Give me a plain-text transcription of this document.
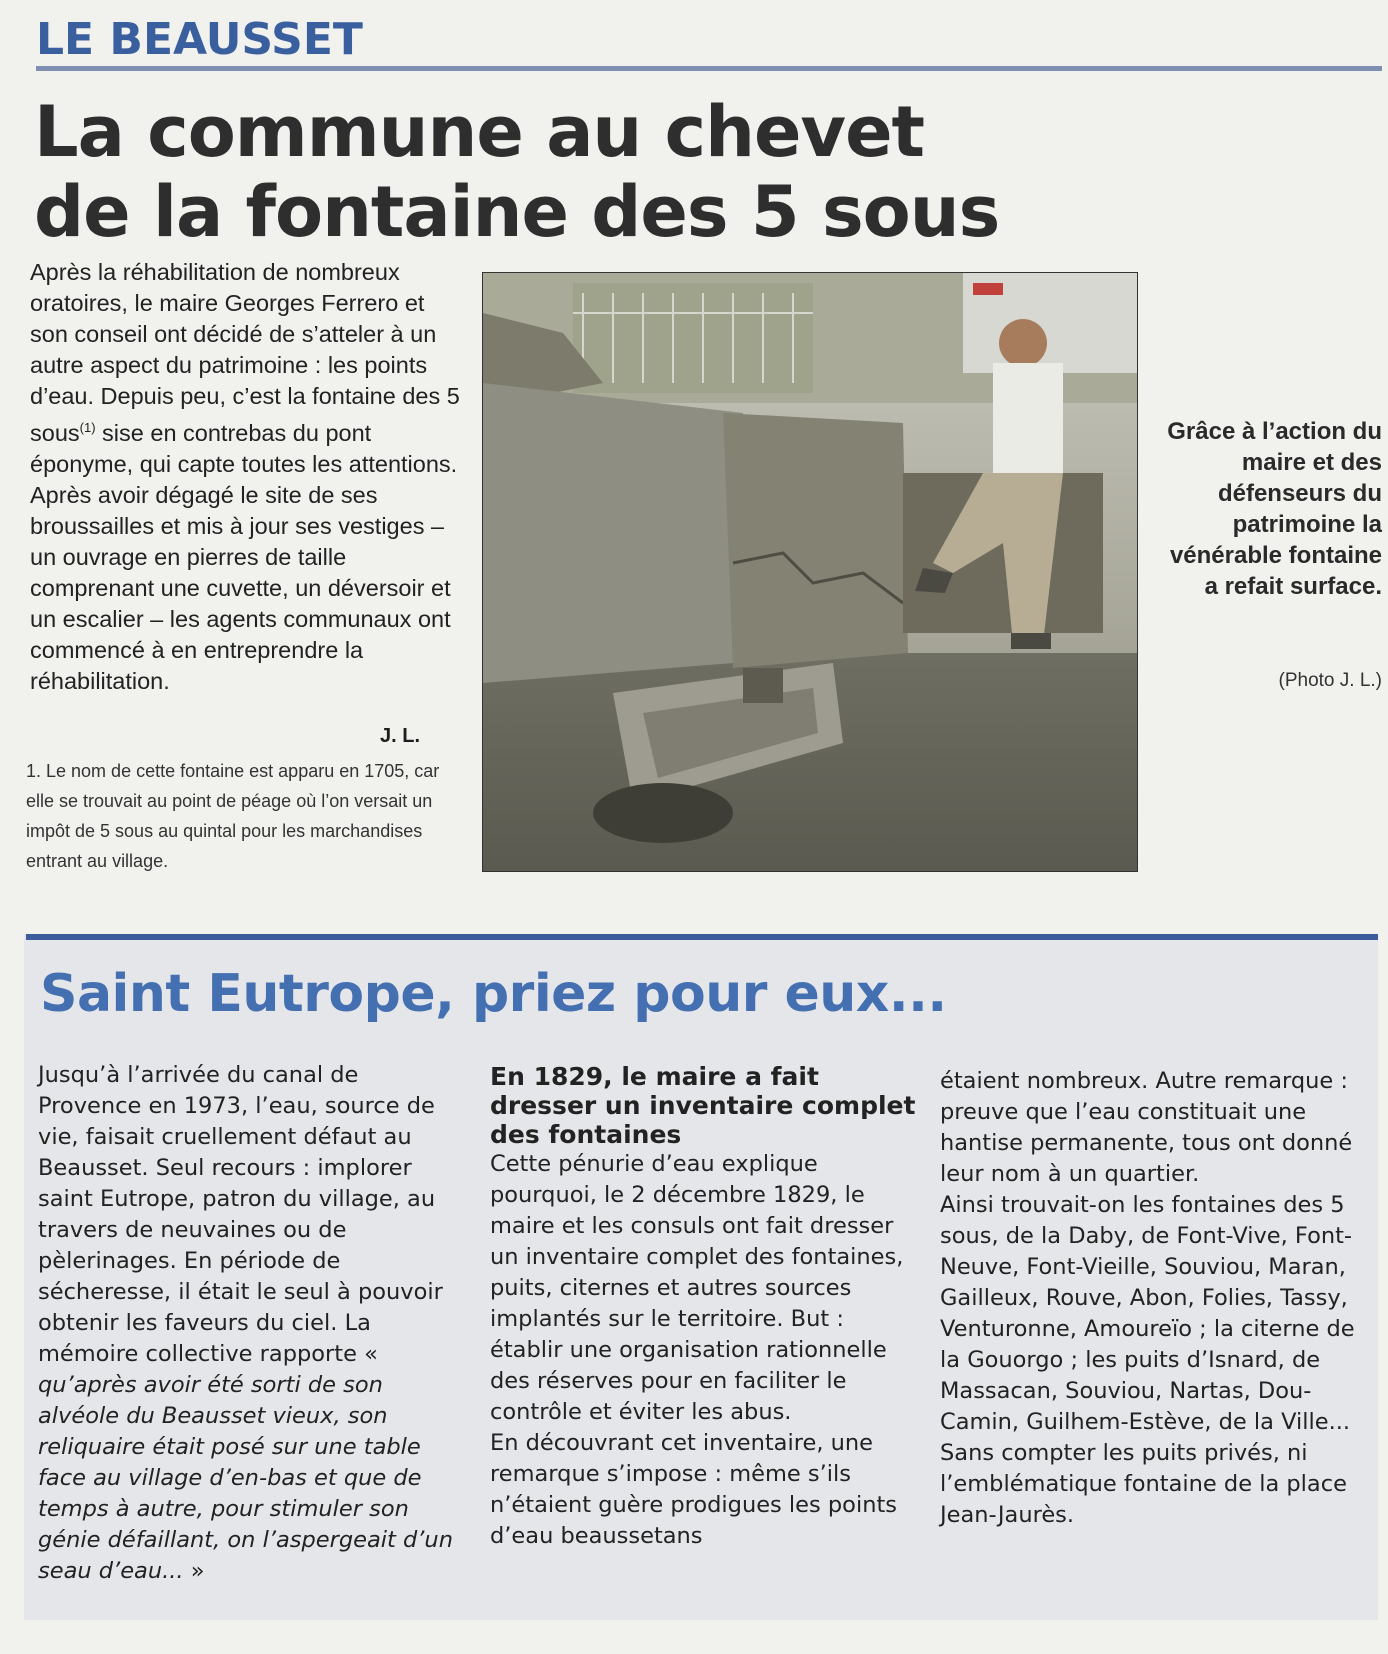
LE BEAUSSET
La commune au chevet
de la fontaine des 5 sous
Après la réhabilitation de nombreux oratoires, le maire Georges Ferrero et son conseil ont décidé de s’atteler à un autre aspect du patrimoine : les points d’eau. Depuis peu, c’est la fontaine des 5 sous$^{(1)}$ sise en contrebas du pont éponyme, qui capte toutes les attentions. Après avoir dégagé le site de ses broussailles et mis à jour ses vestiges – un ouvrage en pierres de taille comprenant une cuvette, un déversoir et un escalier – les agents communaux ont commencé à en entreprendre la réhabilitation.
J. L.
1. Le nom de cette fontaine est apparu en 1705, car elle se trouvait au point de péage où l’on versait un impôt de 5 sous au quintal pour les marchandises entrant au village.
Grâce à l’action du maire et des défenseurs du patrimoine la vénérable fontaine a refait surface.
(Photo J. L.)
Saint Eutrope, priez pour eux...

Jusqu’à l’arrivée du canal de Provence en 1973, l’eau, source de vie, faisait cruellement défaut au Beausset. Seul recours : implorer saint Eutrope, patron du village, au travers de neuvaines ou de pèlerinages. En période de sécheresse, il était le seul à pouvoir obtenir les faveurs du ciel. La mémoire collective rapporte « qu’après avoir été sorti de son alvéole du Beausset vieux, son reliquaire était posé sur une table face au village d’en-bas et que de temps à autre, pour stimuler son génie défaillant, on l’aspergeait d’un seau d’eau... »

En 1829, le maire a fait dresser un inventaire complet des fontaines

Cette pénurie d’eau explique pourquoi, le 2 décembre 1829, le maire et les consuls ont fait dresser un inventaire complet des fontaines, puits, citernes et autres sources implantés sur le territoire. But : établir une organisation rationnelle des réserves pour en faciliter le contrôle et éviter les abus.

En découvrant cet inventaire, une remarque s’impose : même s’ils n’étaient guère prodigues les points d’eau beaussetans

étaient nombreux. Autre remarque : preuve que l’eau constituait une hantise permanente, tous ont donné leur nom à un quartier.

Ainsi trouvait-on les fontaines des 5 sous, de la Daby, de Font-Vive, Font-Neuve, Font-Vieille, Souviou, Maran, Gailleux, Rouve, Abon, Folies, Tassy, Venturonne, Amoureïo ; la citerne de la Gouorgo ; les puits d’Isnard, de Massacan, Souviou, Nartas, Dou-Camin, Guilhem-Estève, de la Ville... Sans compter les puits privés, ni l’emblématique fontaine de la place Jean-Jaurès.
